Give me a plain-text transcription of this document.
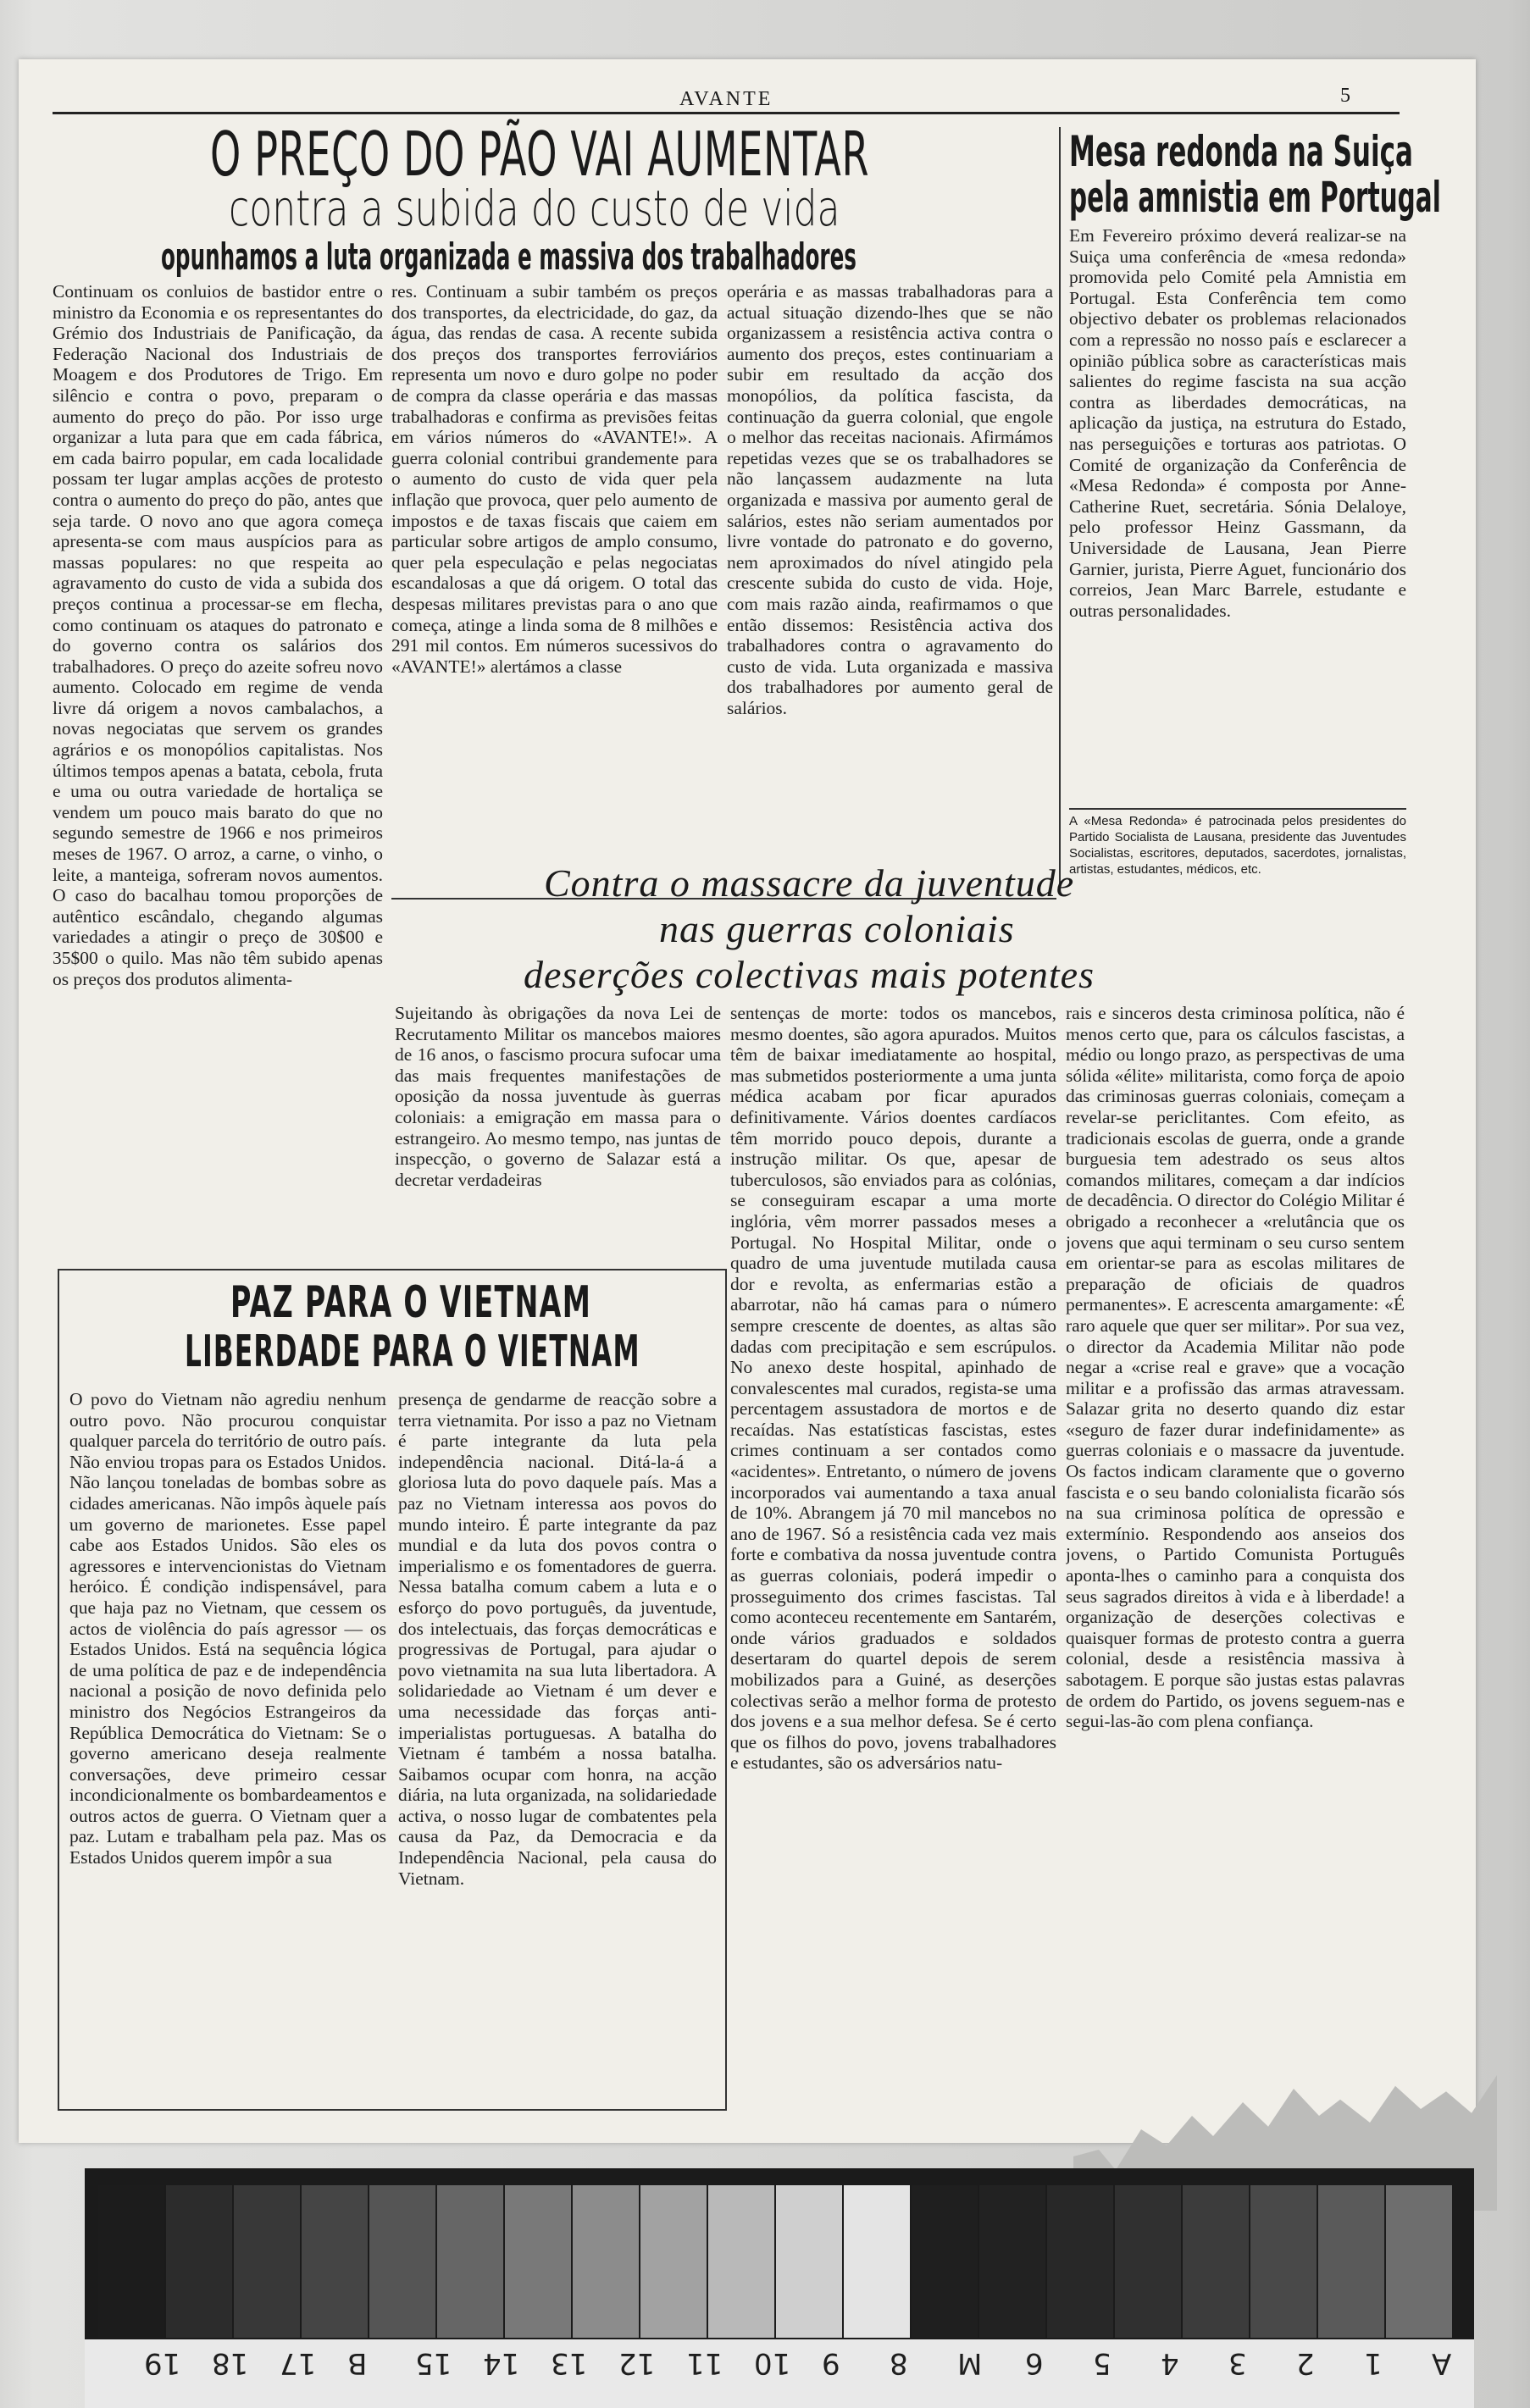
AVANTE	5
O PREÇO DO PÃO VAI AUMENTAR
contra a subida do custo de vida
opunhamos a luta organizada e massiva dos trabalhadores
Continuam os conluios de bastidor entre o ministro da Economia e os representantes do Grémio dos Industriais de Panificação, da Federação Nacional dos Industriais de Moagem e dos Produtores de Trigo. Em silêncio e contra o povo, preparam o aumento do preço do pão. Por isso urge organizar a luta para que em cada fábrica, em cada bairro popular, em cada localidade possam ter lugar amplas acções de protesto contra o aumento do preço do pão, antes que seja tarde. O novo ano que agora começa apresenta-se com maus auspícios para as massas populares: no que respeita ao agravamento do custo de vida a subida dos preços continua a processar-se em flecha, como continuam os ataques do patronato e do governo contra os salários dos trabalhadores. O preço do azeite sofreu novo aumento. Colocado em regime de venda livre dá origem a novos cambalachos, a novas negociatas que servem os grandes agrários e os monopólios capitalistas. Nos últimos tempos apenas a batata, cebola, fruta e uma ou outra variedade de hortaliça se vendem um pouco mais barato do que no segundo semestre de 1966 e nos primeiros meses de 1967. O arroz, a carne, o vinho, o leite, a manteiga, sofreram novos aumentos. O caso do bacalhau tomou proporções de autêntico escândalo, chegando algumas variedades a atingir o preço de 30$00 e 35$00 o quilo. Mas não têm subido apenas os preços dos produtos alimenta-
res. Continuam a subir também os preços dos transportes, da electricidade, do gaz, da água, das rendas de casa. A recente subida dos preços dos transportes ferroviários representa um novo e duro golpe no poder de compra da classe operária e das massas trabalhadoras e confirma as previsões feitas em vários números do «AVANTE!». A guerra colonial contribui grandemente para o aumento do custo de vida quer pela inflação que provoca, quer pelo aumento de impostos e de taxas fiscais que caiem em particular sobre artigos de amplo consumo, quer pela especulação e pelas negociatas escandalosas a que dá origem. O total das despesas militares previstas para o ano que começa, atinge a linda soma de 8 milhões e 291 mil contos. Em números sucessivos do «AVANTE!» alertámos a classe
operária e as massas trabalhadoras para a actual situação dizendo-lhes que se não organizassem a resistência activa contra o aumento dos preços, estes continuariam a subir em resultado da acção dos monopólios, da política fascista, da continuação da guerra colonial, que engole o melhor das receitas nacionais. Afirmámos repetidas vezes que se os trabalhadores se não lançassem audazmente na luta organizada e massiva por aumento geral de salários, estes não seriam aumentados por livre vontade do patronato e do governo, nem aproximados do nível atingido pela crescente subida do custo de vida. Hoje, com mais razão ainda, reafirmamos o que então dissemos: Resistência activa dos trabalhadores contra o agravamento do custo de vida. Luta organizada e massiva dos trabalhadores por aumento geral de salários.
Mesa redonda na Suiça
pela amnistia em Portugal
Em Fevereiro próximo deverá realizar-se na Suiça uma conferência de «mesa redonda» promovida pelo Comité pela Amnistia em Portugal. Esta Conferência tem como objectivo debater os problemas relacionados com a repressão no nosso país e esclarecer a opinião pública sobre as características mais salientes do regime fascista na sua acção contra as liberdades democráticas, na aplicação da justiça, na estrutura do Estado, nas perseguições e torturas aos patriotas. O Comité de organização da Conferência de «Mesa Redonda» é composta por Anne-Catherine Ruet, secretária. Sónia Delaloye, pelo professor Heinz Gassmann, da Universidade de Lausana, Jean Pierre Garnier, jurista, Pierre Aguet, funcionário dos correios, Jean Marc Barrele, estudante e outras personalidades.
A «Mesa Redonda» é patrocinada pelos presidentes do Partido Socialista de Lausana, presidente das Juventudes Socialistas, escritores, deputados, sacerdotes, jornalistas, artistas, estudantes, médicos, etc.
Contra o massacre da juventude
nas guerras coloniais
deserções colectivas mais potentes
Sujeitando às obrigações da nova Lei de Recrutamento Militar os mancebos maiores de 16 anos, o fascismo procura sufocar uma das mais frequentes manifestações de oposição da nossa juventude às guerras coloniais: a emigração em massa para o estrangeiro. Ao mesmo tempo, nas juntas de inspecção, o governo de Salazar está a decretar verdadeiras
sentenças de morte: todos os mancebos, mesmo doentes, são agora apurados. Muitos têm de baixar imediatamente ao hospital, mas submetidos posteriormente a uma junta médica acabam por ficar apurados definitivamente. Vários doentes cardíacos têm morrido pouco depois, durante a instrução militar. Os que, apesar de tuberculosos, são enviados para as colónias, se conseguiram escapar a uma morte inglória, vêm morrer passados meses a Portugal. No Hospital Militar, onde o quadro de uma juventude mutilada causa dor e revolta, as enfermarias estão a abarrotar, não há camas para o número sempre crescente de doentes, as altas são dadas com precipitação e sem escrúpulos. No anexo deste hospital, apinhado de convalescentes mal curados, regista-se uma percentagem assustadora de mortos e de recaídas. Nas estatísticas fascistas, estes crimes continuam a ser contados como «acidentes». Entretanto, o número de jovens incorporados vai aumentando a taxa anual de 10%. Abrangem já 70 mil mancebos no ano de 1967. Só a resistência cada vez mais forte e combativa da nossa juventude contra as guerras coloniais, poderá impedir o prosseguimento dos crimes fascistas. Tal como aconteceu recentemente em Santarém, onde vários graduados e soldados desertaram do quartel depois de serem mobilizados para a Guiné, as deserções colectivas serão a melhor forma de protesto dos jovens e a sua melhor defesa. Se é certo que os filhos do povo, jovens trabalhadores e estudantes, são os adversários natu-
rais e sinceros desta criminosa política, não é menos certo que, para os cálculos fascistas, a médio ou longo prazo, as perspectivas de uma sólida «élite» militarista, como força de apoio das criminosas guerras coloniais, começam a revelar-se periclitantes. Com efeito, as tradicionais escolas de guerra, onde a grande burguesia tem adestrado os seus altos comandos militares, começam a dar indícios de decadência. O director do Colégio Militar é obrigado a reconhecer a «relutância que os jovens que aqui terminam o seu curso sentem em orientar-se para as escolas militares de preparação de oficiais de quadros permanentes». E acrescenta amargamente: «É raro aquele que quer ser militar». Por sua vez, o director da Academia Militar não pode negar a «crise real e grave» que a vocação militar e a profissão das armas atravessam. Salazar grita no deserto quando diz estar «seguro de fazer durar indefinidamente» as guerras coloniais e o massacre da juventude. Os factos indicam claramente que o governo fascista e o seu bando colonialista ficarão sós na sua criminosa política de opressão e extermínio. Respondendo aos anseios dos jovens, o Partido Comunista Português aponta-lhes o caminho para a conquista dos seus sagrados direitos à vida e à liberdade! a organização de deserções colectivas e quaisquer formas de protesto contra a guerra colonial, desde a resistência massiva à sabotagem. E porque são justas estas palavras de ordem do Partido, os jovens seguem-nas e segui-las-ão com plena confiança.
PAZ PARA O VIETNAM
LIBERDADE PARA O VIETNAM
O povo do Vietnam não agrediu nenhum outro povo. Não procurou conquistar qualquer parcela do território de outro país. Não enviou tropas para os Estados Unidos. Não lançou toneladas de bombas sobre as cidades americanas. Não impôs àquele país um governo de marionetes. Esse papel cabe aos Estados Unidos. São eles os agressores e intervencionistas do Vietnam heróico. É condição indispensável, para que haja paz no Vietnam, que cessem os actos de violência do país agressor — os Estados Unidos. Está na sequência lógica de uma política de paz e de independência nacional a posição de novo definida pelo ministro dos Negócios Estrangeiros da República Democrática do Vietnam: Se o governo americano deseja realmente conversações, deve primeiro cessar incondicionalmente os bombardeamentos e outros actos de guerra. O Vietnam quer a paz. Lutam e trabalham pela paz. Mas os Estados Unidos querem impôr a sua
presença de gendarme de reacção sobre a terra vietnamita. Por isso a paz no Vietnam é parte integrante da luta pela independência nacional. Ditá-la-á a gloriosa luta do povo daquele país. Mas a paz no Vietnam interessa aos povos do mundo inteiro. É parte integrante da paz mundial e da luta dos povos contra o imperialismo e os fomentadores de guerra. Nessa batalha comum cabem a luta e o esforço do povo português, da juventude, dos intelectuais, das forças democráticas e progressivas de Portugal, para ajudar o povo vietnamita na sua luta libertadora. A solidariedade ao Vietnam é um dever e uma necessidade das forças anti-imperialistas portuguesas. A batalha do Vietnam é também a nossa batalha. Saibamos ocupar com honra, na acção diária, na luta organizada, na solidariedade activa, o nosso lugar de combatentes pela causa da Paz, da Democracia e da Independência Nacional, pela causa do Vietnam.
A
1
2
3
4
5
6
M
8
9
10
11
12
13
14
15
B
17
18
19
